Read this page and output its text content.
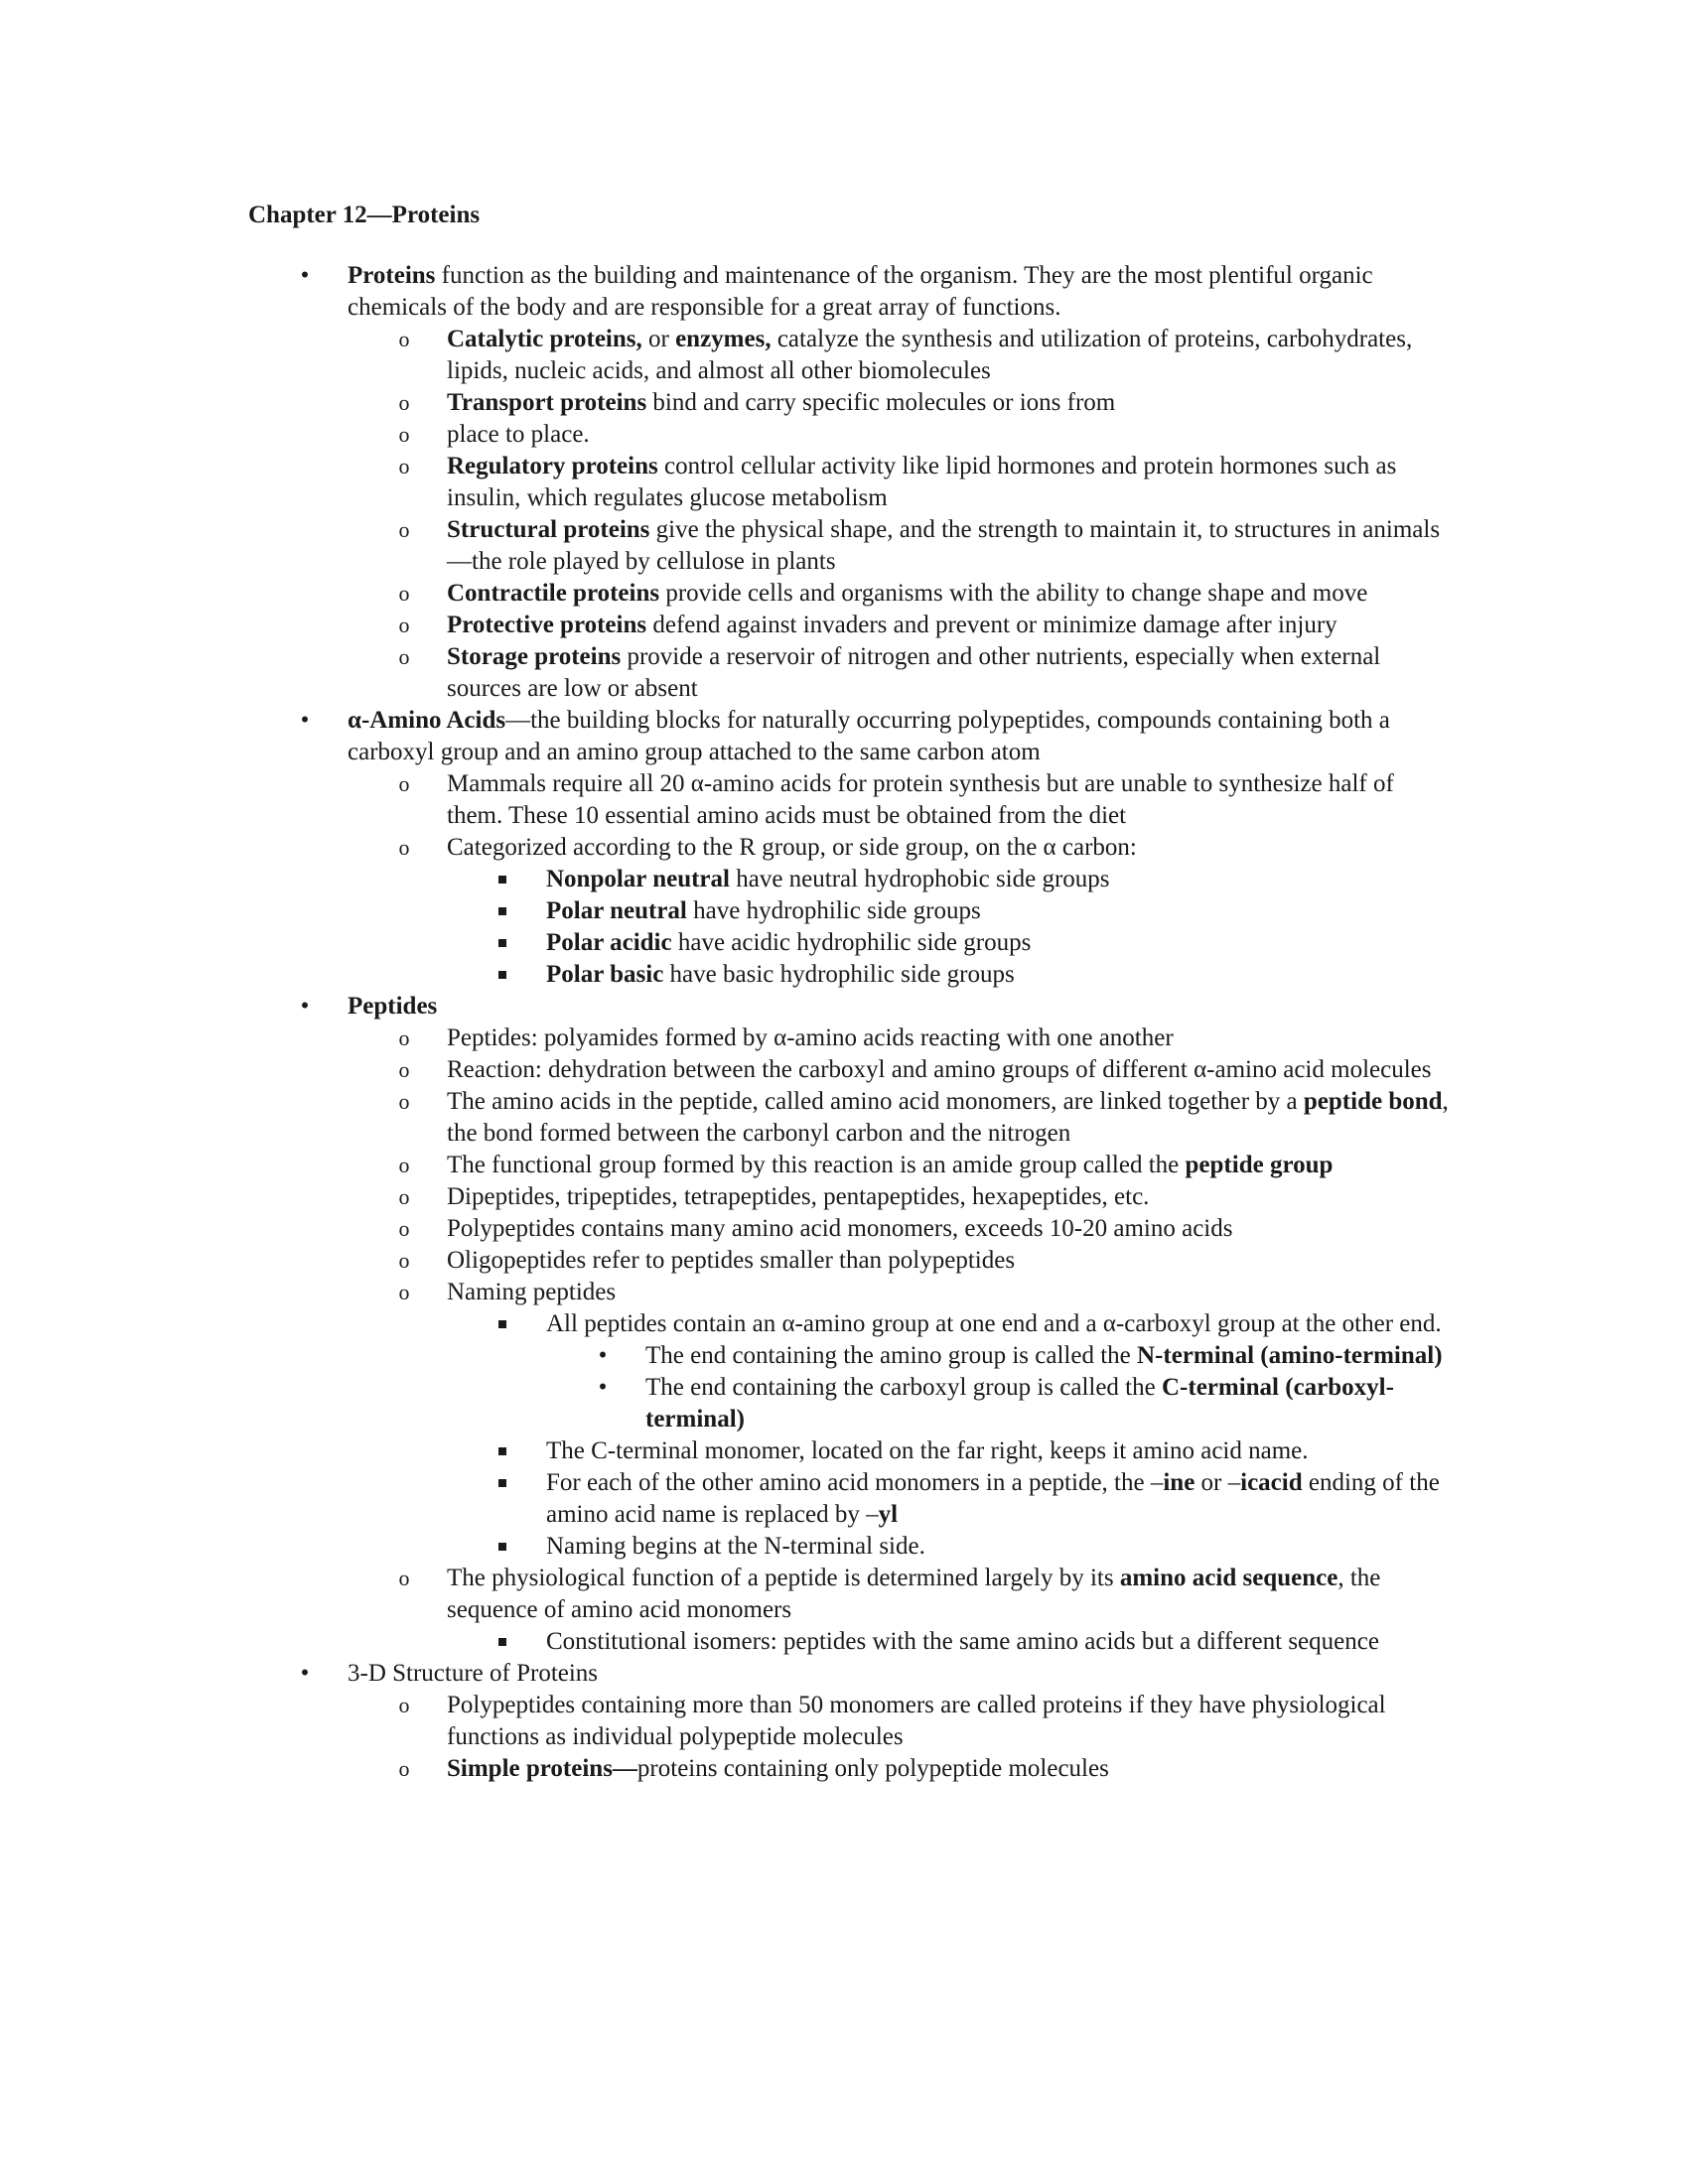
Chapter 12—Proteins
• Proteins function as the building and maintenance of the organism. They are the most plentiful organic chemicals of the body and are responsible for a great array of functions.
o Catalytic proteins, or enzymes, catalyze the synthesis and utilization of proteins, carbohydrates, lipids, nucleic acids, and almost all other biomolecules
o Transport proteins bind and carry specific molecules or ions from
o place to place.
o Regulatory proteins control cellular activity like lipid hormones and protein hormones such as insulin, which regulates glucose metabolism
o Structural proteins give the physical shape, and the strength to maintain it, to structures in animals—the role played by cellulose in plants
o Contractile proteins provide cells and organisms with the ability to change shape and move
o Protective proteins defend against invaders and prevent or minimize damage after injury
o Storage proteins provide a reservoir of nitrogen and other nutrients, especially when external sources are low or absent
• α-Amino Acids—the building blocks for naturally occurring polypeptides, compounds containing both a carboxyl group and an amino group attached to the same carbon atom
o Mammals require all 20 α-amino acids for protein synthesis but are unable to synthesize half of them. These 10 essential amino acids must be obtained from the diet
o Categorized according to the R group, or side group, on the α carbon:
Nonpolar neutral have neutral hydrophobic side groups
Polar neutral have hydrophilic side groups
Polar acidic have acidic hydrophilic side groups
Polar basic have basic hydrophilic side groups
• Peptides
o Peptides: polyamides formed by α-amino acids reacting with one another
o Reaction: dehydration between the carboxyl and amino groups of different α-amino acid molecules
o The amino acids in the peptide, called amino acid monomers, are linked together by a peptide bond, the bond formed between the carbonyl carbon and the nitrogen
o The functional group formed by this reaction is an amide group called the peptide group
o Dipeptides, tripeptides, tetrapeptides, pentapeptides, hexapeptides, etc.
o Polypeptides contains many amino acid monomers, exceeds 10-20 amino acids
o Oligopeptides refer to peptides smaller than polypeptides
o Naming peptides
All peptides contain an α-amino group at one end and a α-carboxyl group at the other end.
• The end containing the amino group is called the N-terminal (amino-terminal)
• The end containing the carboxyl group is called the C-terminal (carboxyl-terminal)
The C-terminal monomer, located on the far right, keeps it amino acid name.
For each of the other amino acid monomers in a peptide, the –ine or –icacid ending of the amino acid name is replaced by –yl
Naming begins at the N-terminal side.
o The physiological function of a peptide is determined largely by its amino acid sequence, the sequence of amino acid monomers
Constitutional isomers: peptides with the same amino acids but a different sequence
• 3-D Structure of Proteins
o Polypeptides containing more than 50 monomers are called proteins if they have physiological functions as individual polypeptide molecules
o Simple proteins—proteins containing only polypeptide molecules
